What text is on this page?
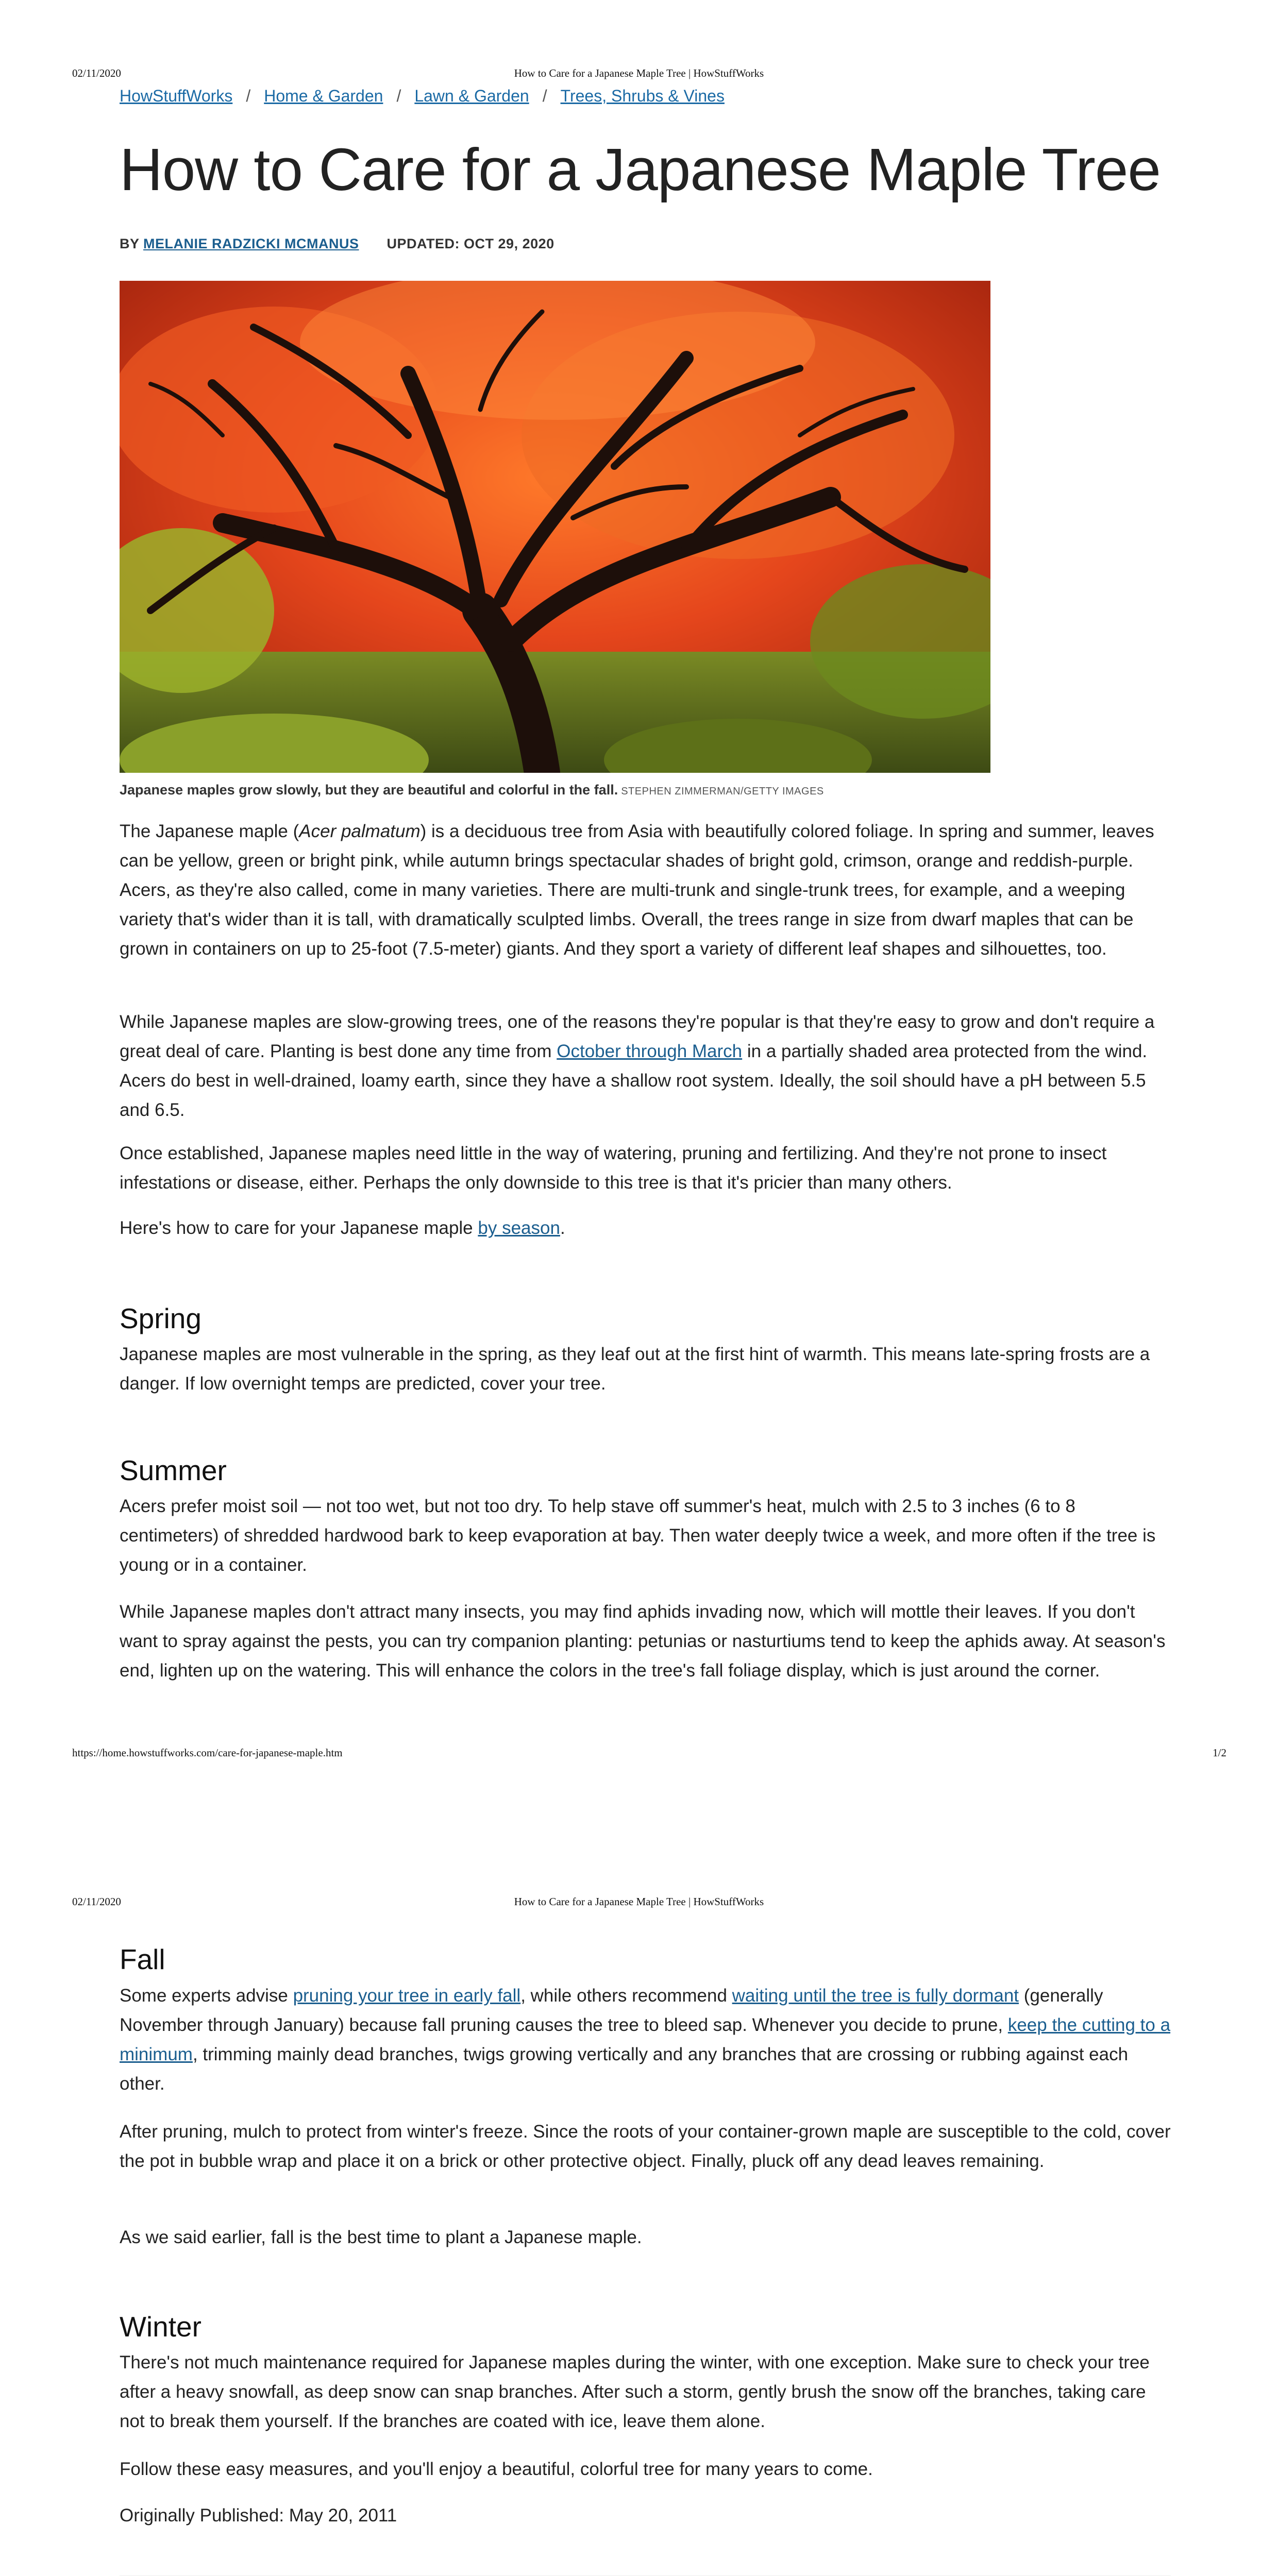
02/11/2020	How to Care for a Japanese Maple Tree | HowStuffWorks
HowStuffWorks / Home & Garden / Lawn & Garden / Trees, Shrubs & Vines
How to Care for a Japanese Maple Tree
BY MELANIE RADZICKI MCMANUS UPDATED: OCT 29, 2020
Japanese maples grow slowly, but they are beautiful and colorful in the fall. STEPHEN ZIMMERMAN/GETTY IMAGES

The Japanese maple (Acer palmatum) is a deciduous tree from Asia with beautifully colored foliage. In spring and summer, leaves can be yellow, green or bright pink, while autumn brings spectacular shades of bright gold, crimson, orange and reddish-purple. Acers, as they're also called, come in many varieties. There are multi-trunk and single-trunk trees, for example, and a weeping variety that's wider than it is tall, with dramatically sculpted limbs. Overall, the trees range in size from dwarf maples that can be grown in containers on up to 25-foot (7.5-meter) giants. And they sport a variety of different leaf shapes and silhouettes, too.

While Japanese maples are slow-growing trees, one of the reasons they're popular is that they're easy to grow and don't require a great deal of care. Planting is best done any time from October through March in a partially shaded area protected from the wind. Acers do best in well-drained, loamy earth, since they have a shallow root system. Ideally, the soil should have a pH between 5.5 and 6.5.

Once established, Japanese maples need little in the way of watering, pruning and fertilizing. And they're not prone to insect infestations or disease, either. Perhaps the only downside to this tree is that it's pricier than many others.

Here's how to care for your Japanese maple by season.

Spring

Japanese maples are most vulnerable in the spring, as they leaf out at the first hint of warmth. This means late-spring frosts are a danger. If low overnight temps are predicted, cover your tree.

Summer

Acers prefer moist soil — not too wet, but not too dry. To help stave off summer's heat, mulch with 2.5 to 3 inches (6 to 8 centimeters) of shredded hardwood bark to keep evaporation at bay. Then water deeply twice a week, and more often if the tree is young or in a container.

While Japanese maples don't attract many insects, you may find aphids invading now, which will mottle their leaves. If you don't want to spray against the pests, you can try companion planting: petunias or nasturtiums tend to keep the aphids away. At season's end, lighten up on the watering. This will enhance the colors in the tree's fall foliage display, which is just around the corner.

https://home.howstuffworks.com/care-for-japanese-maple.htm	1/2
02/11/2020	How to Care for a Japanese Maple Tree | HowStuffWorks
Fall

Some experts advise pruning your tree in early fall, while others recommend waiting until the tree is fully dormant (generally November through January) because fall pruning causes the tree to bleed sap. Whenever you decide to prune, keep the cutting to a minimum, trimming mainly dead branches, twigs growing vertically and any branches that are crossing or rubbing against each other.

After pruning, mulch to protect from winter's freeze. Since the roots of your container-grown maple are susceptible to the cold, cover the pot in bubble wrap and place it on a brick or other protective object. Finally, pluck off any dead leaves remaining.

As we said earlier, fall is the best time to plant a Japanese maple.

Winter

There's not much maintenance required for Japanese maples during the winter, with one exception. Make sure to check your tree after a heavy snowfall, as deep snow can snap branches. After such a storm, gently brush the snow off the branches, taking care not to break them yourself. If the branches are coated with ice, leave them alone.

Follow these easy measures, and you'll enjoy a beautiful, colorful tree for many years to come.

Originally Published: May 20, 2011
